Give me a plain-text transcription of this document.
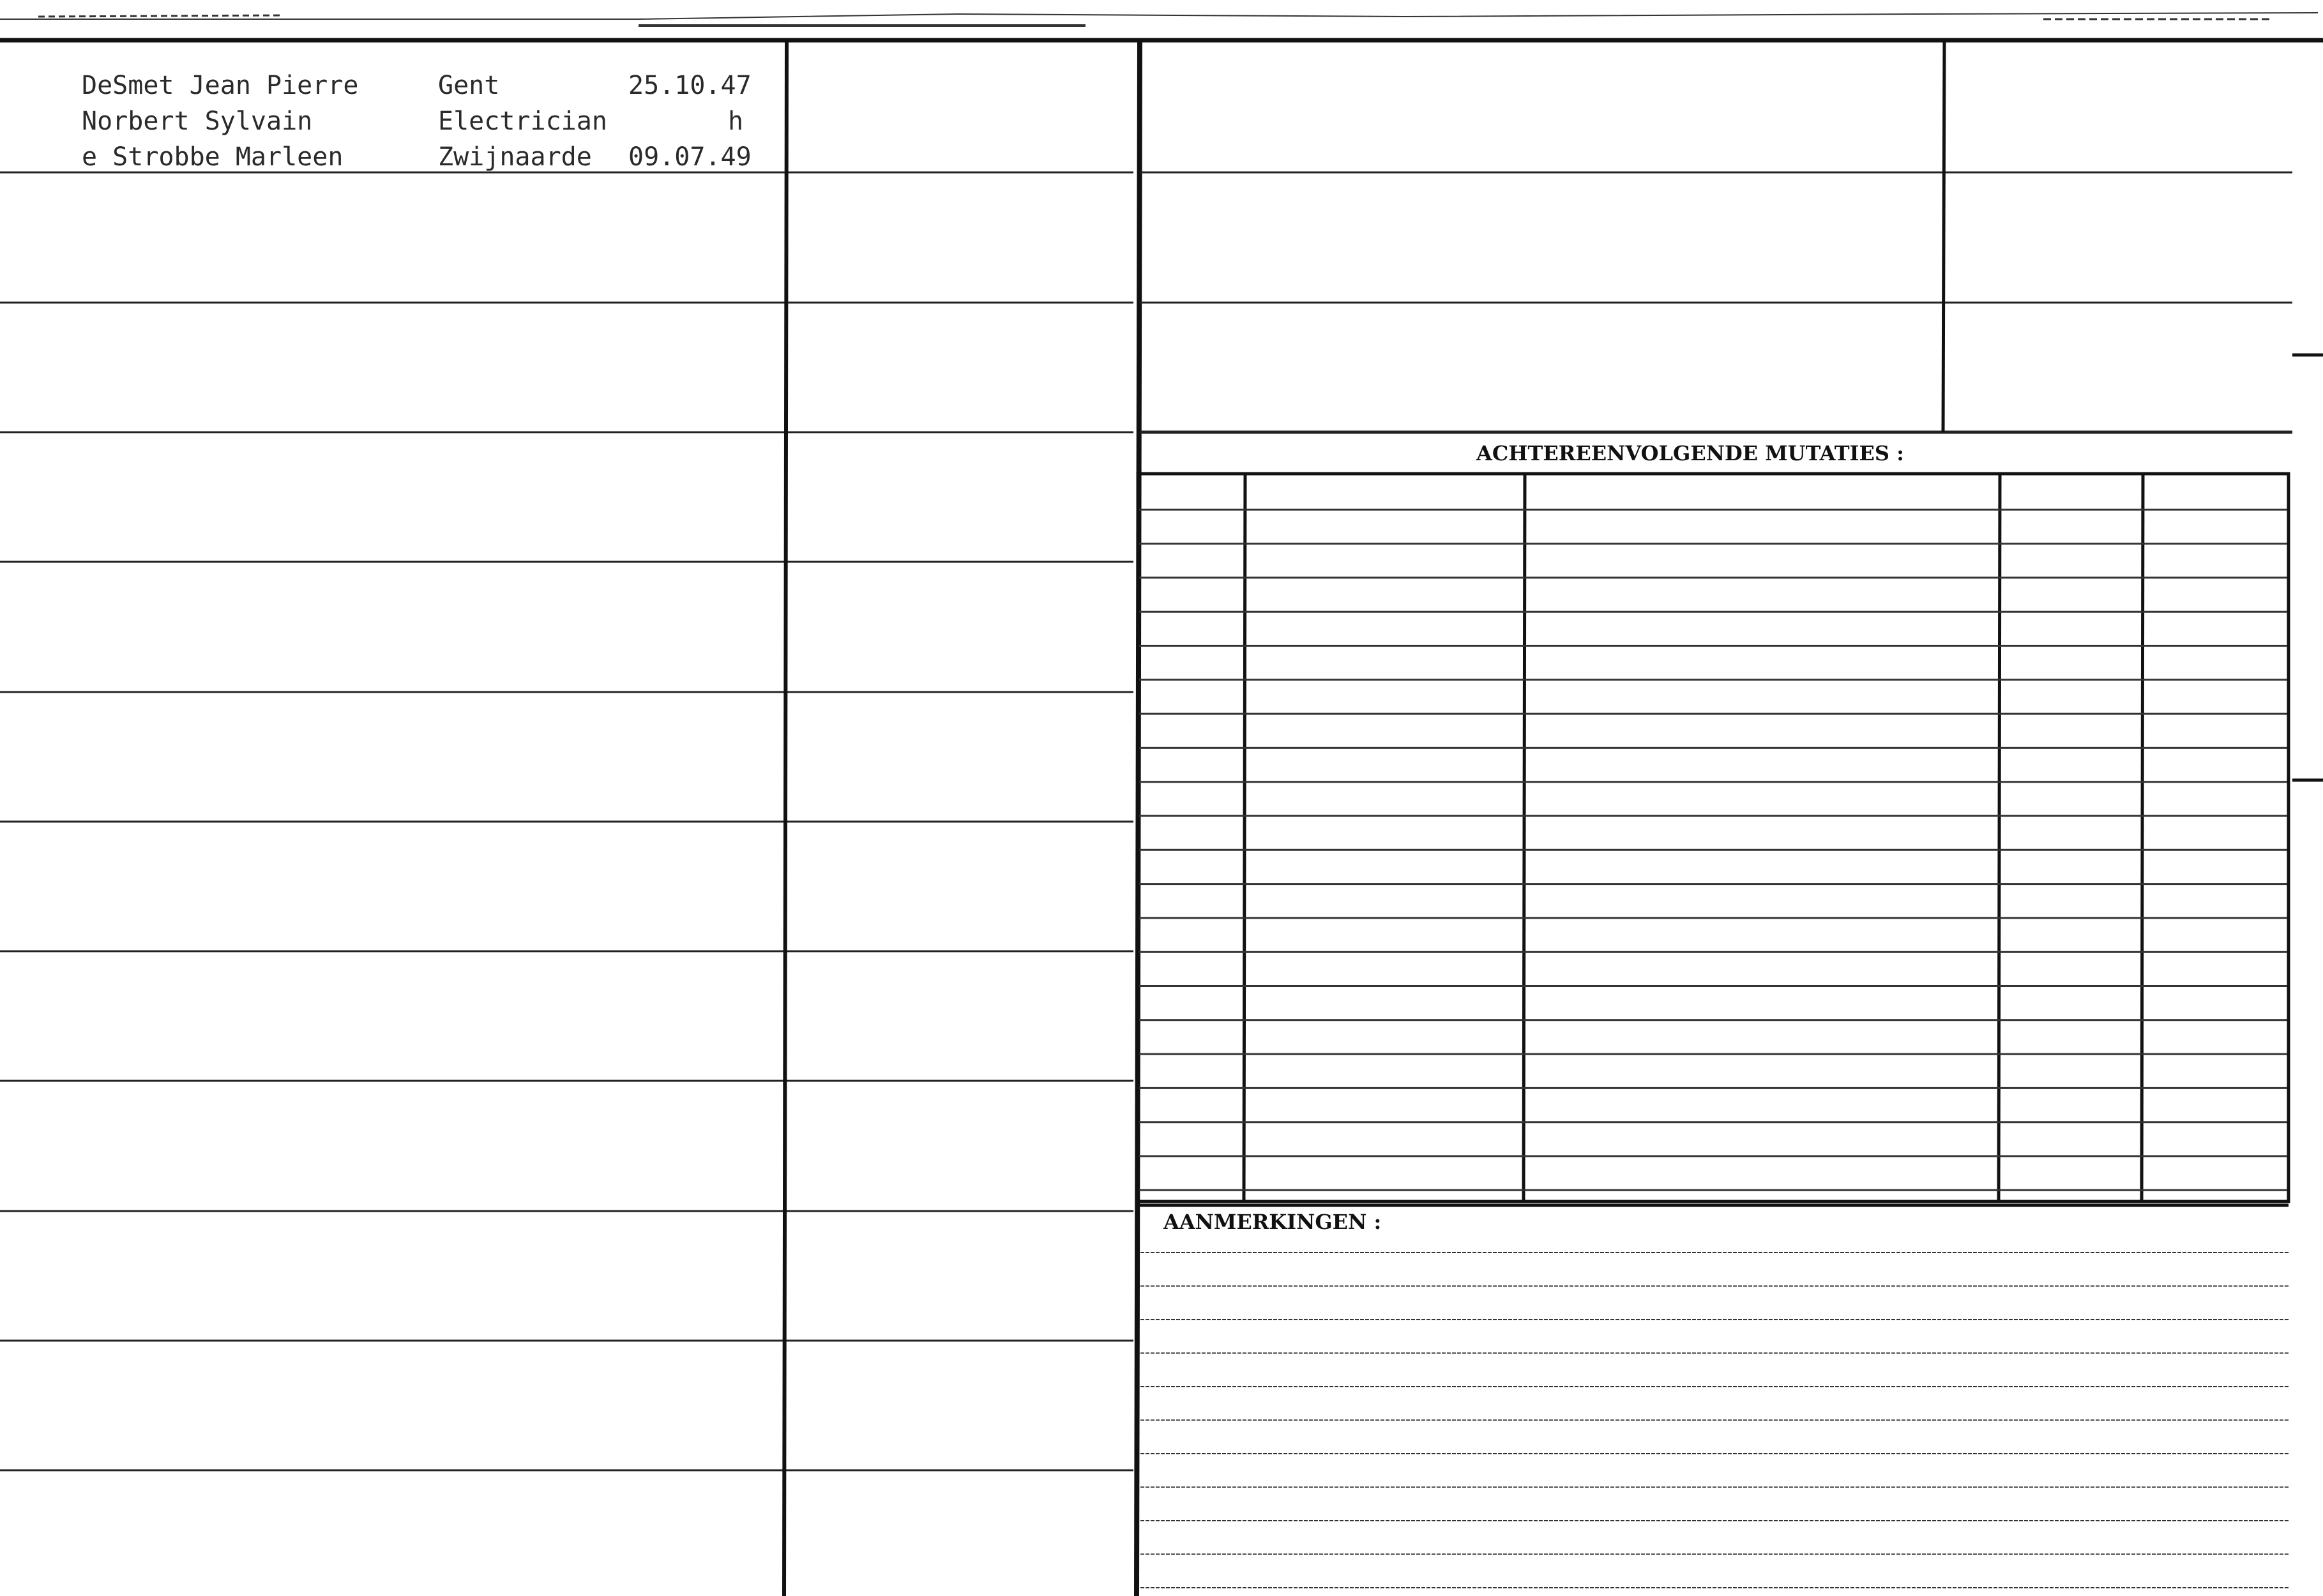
DeSmet Jean Pierre	Gent	25.10.47
Norbert Sylvain	Electrician	h
e Strobbe Marleen	Zwijnaarde 09.07.49
ACHTEREENVOLGENDE MUTATIES :
AANMERKINGEN :
